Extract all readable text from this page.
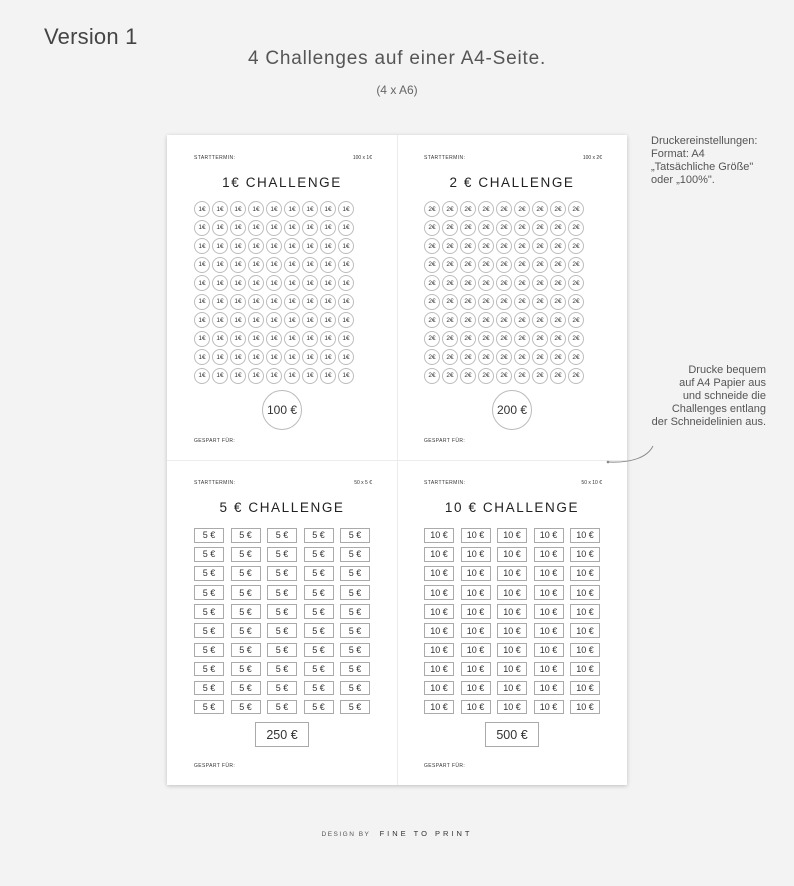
Version 1
4 Challenges auf einer A4-Seite.
(4 x A6)
STARTTERMIN:	100 x 1€
1€ CHALLENGE
1€	1€	1€	1€	1€	1€	1€	1€	1€
1€	1€	1€	1€	1€	1€	1€	1€	1€
1€	1€	1€	1€	1€	1€	1€	1€	1€
1€	1€	1€	1€	1€	1€	1€	1€	1€
1€	1€	1€	1€	1€	1€	1€	1€	1€
1€	1€	1€	1€	1€	1€	1€	1€	1€
1€	1€	1€	1€	1€	1€	1€	1€	1€
1€	1€	1€	1€	1€	1€	1€	1€	1€
1€	1€	1€	1€	1€	1€	1€	1€	1€
1€	1€	1€	1€	1€	1€	1€	1€	1€
100 €
GESPART FÜR:
STARTTERMIN:	100 x 2€
2 € CHALLENGE
2€	2€	2€	2€	2€	2€	2€	2€	2€
2€	2€	2€	2€	2€	2€	2€	2€	2€
2€	2€	2€	2€	2€	2€	2€	2€	2€
2€	2€	2€	2€	2€	2€	2€	2€	2€
2€	2€	2€	2€	2€	2€	2€	2€	2€
2€	2€	2€	2€	2€	2€	2€	2€	2€
2€	2€	2€	2€	2€	2€	2€	2€	2€
2€	2€	2€	2€	2€	2€	2€	2€	2€
2€	2€	2€	2€	2€	2€	2€	2€	2€
2€	2€	2€	2€	2€	2€	2€	2€	2€
200 €
GESPART FÜR:
STARTTERMIN:	50 x 5 €
5 € CHALLENGE
5 €	5 €	5 €	5 €	5 €
5 €	5 €	5 €	5 €	5 €
5 €	5 €	5 €	5 €	5 €
5 €	5 €	5 €	5 €	5 €
5 €	5 €	5 €	5 €	5 €
5 €	5 €	5 €	5 €	5 €
5 €	5 €	5 €	5 €	5 €
5 €	5 €	5 €	5 €	5 €
5 €	5 €	5 €	5 €	5 €
5 €	5 €	5 €	5 €	5 €
250 €
GESPART FÜR:
STARTTERMIN:	50 x 10 €
10 € CHALLENGE
10 €	10 €	10 €	10 €	10 €
10 €	10 €	10 €	10 €	10 €
10 €	10 €	10 €	10 €	10 €
10 €	10 €	10 €	10 €	10 €
10 €	10 €	10 €	10 €	10 €
10 €	10 €	10 €	10 €	10 €
10 €	10 €	10 €	10 €	10 €
10 €	10 €	10 €	10 €	10 €
10 €	10 €	10 €	10 €	10 €
10 €	10 €	10 €	10 €	10 €
500 €
GESPART FÜR:
Druckereinstellungen:
Format: A4
„Tatsächliche Größe"
oder „100%".
Drucke bequem
auf A4 Papier aus
und schneide die
Challenges entlang
der Schneidelinien aus.
DESIGN BY FINE TO PRINT
